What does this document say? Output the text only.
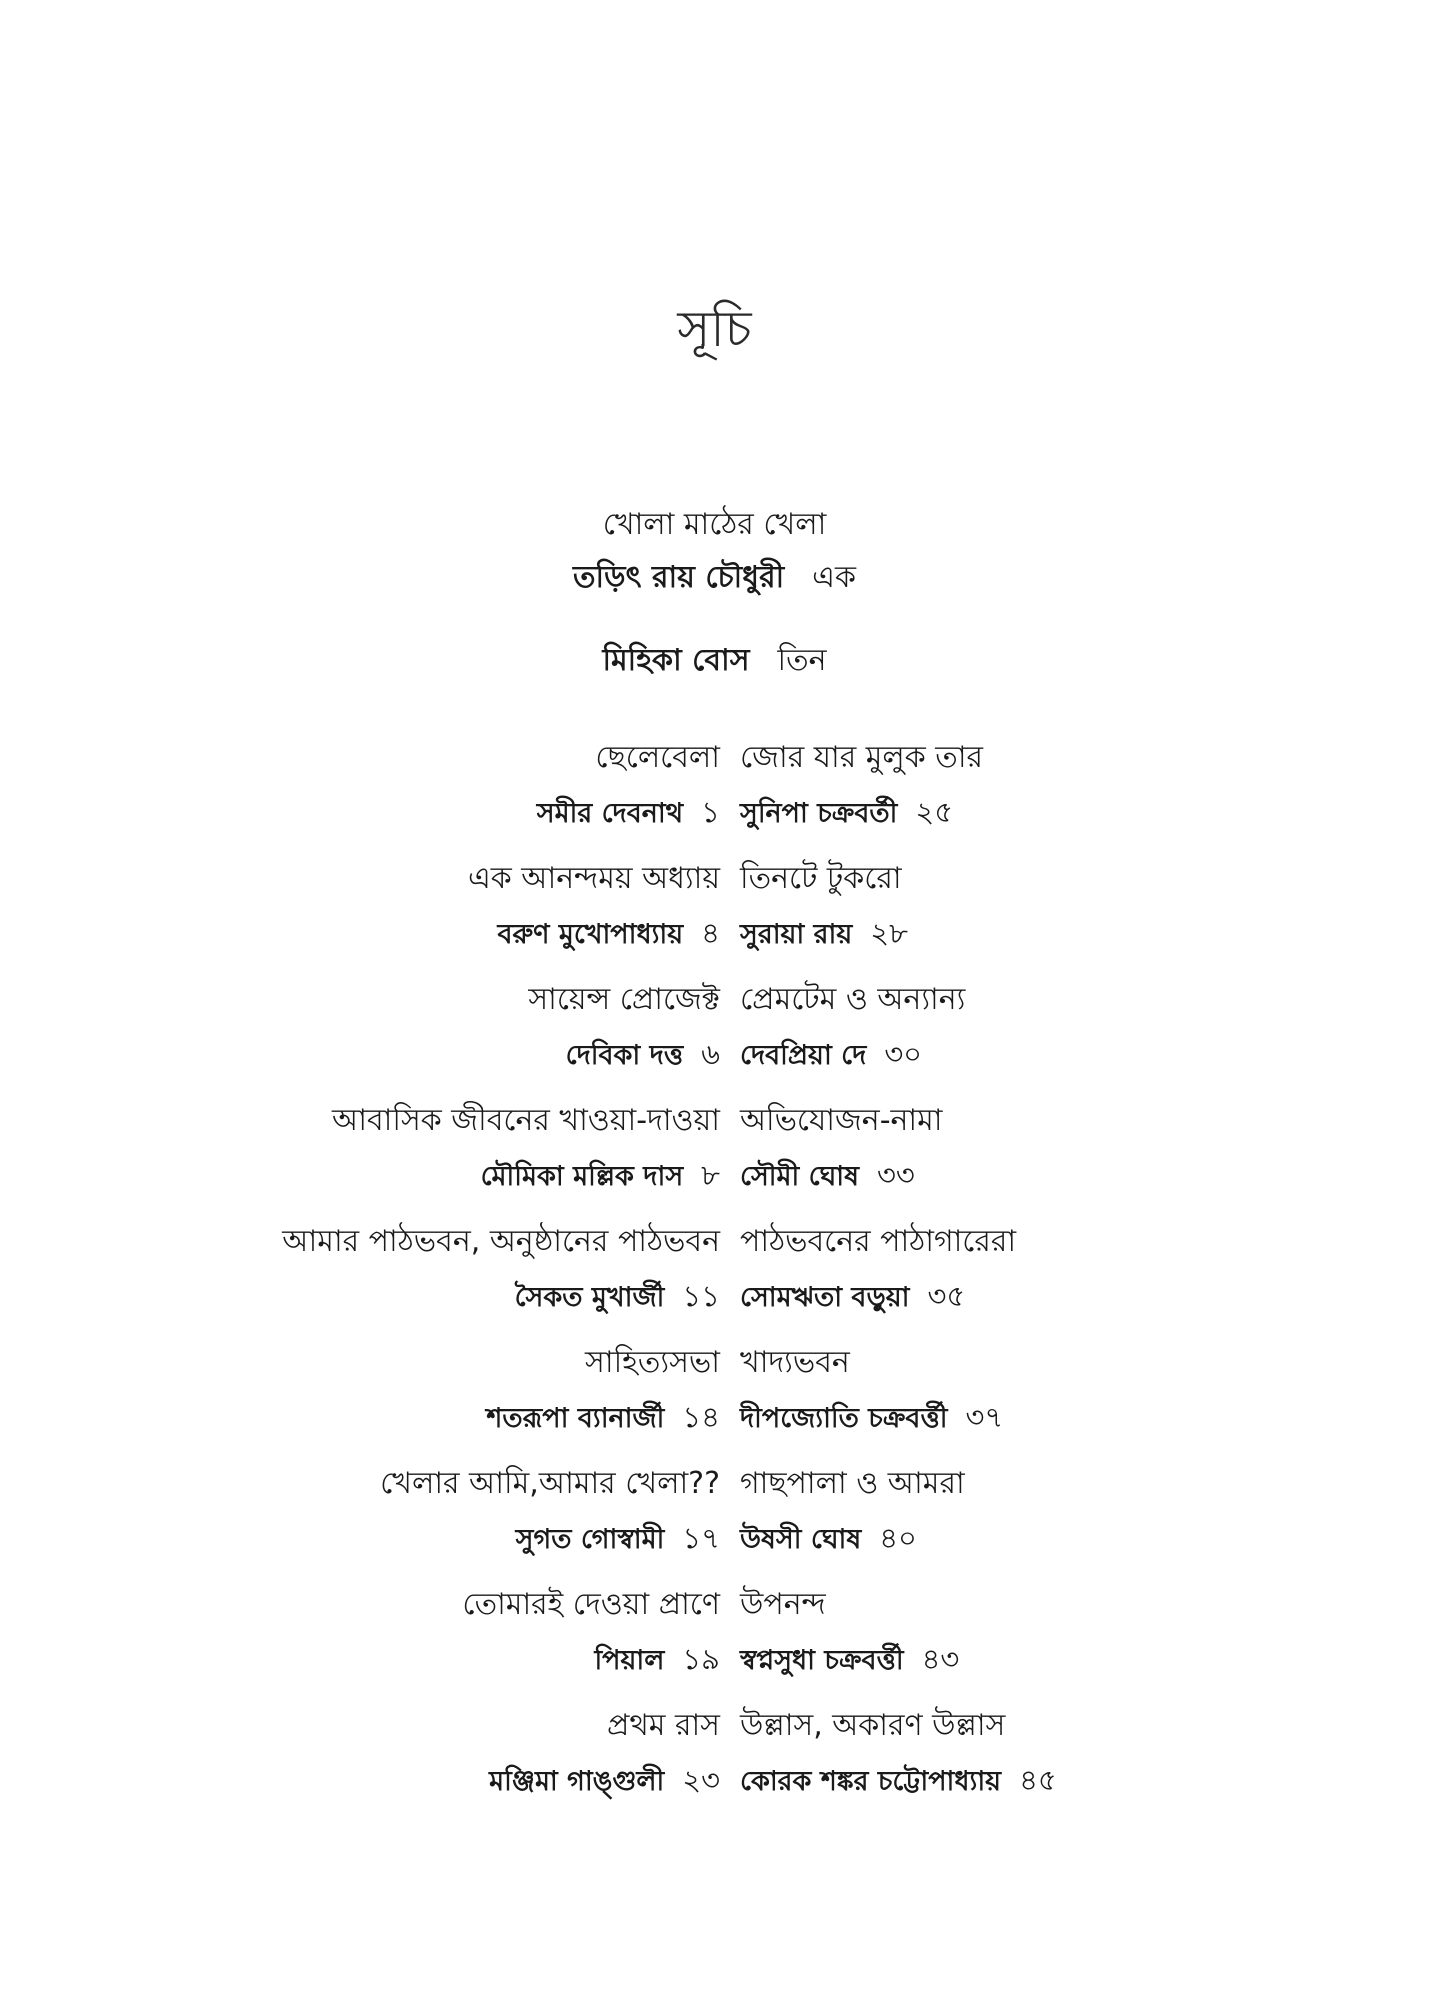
সূচি
খোলা মাঠের খেলা
তড়িৎ রায় চৌধুরী এক
মিহিকা বোস তিন
ছেলেবেলা
সমীর দেবনাথ ১
এক আনন্দময় অধ্যায়
বরুণ মুখোপাধ্যায় ৪
সায়েন্স প্রোজেক্ট
দেবিকা দত্ত ৬
আবাসিক জীবনের খাওয়া-দাওয়া
মৌমিকা মল্লিক দাস ৮
আমার পাঠভবন, অনুষ্ঠানের পাঠভবন
সৈকত মুখার্জী ১১
সাহিত্যসভা
শতরূপা ব্যানার্জী ১৪
খেলার আমি,আমার খেলা??
সুগত গোস্বামী ১৭
তোমারই দেওয়া প্রাণে
পিয়াল ১৯
প্রথম রাস
মঞ্জিমা গাঙ্গুলী ২৩
জোর যার মুলুক তার
সুনিপা চক্রবর্তী ২৫
তিনটে টুকরো
সুরায়া রায় ২৮
প্রেমটেম ও অন্যান্য
দেবপ্রিয়া দে ৩০
অভিযোজন-নামা
সৌমী ঘোষ ৩৩
পাঠভবনের পাঠাগারেরা
সোমঋতা বড়ুয়া ৩৫
খাদ্যভবন
দীপজ্যোতি চক্রবর্ত্তী ৩৭
গাছপালা ও আমরা
উষসী ঘোষ ৪০
উপনন্দ
স্বপ্নসুধা চক্রবর্ত্তী ৪৩
উল্লাস, অকারণ উল্লাস
কোরক শঙ্কর চট্টোপাধ্যায় ৪৫
